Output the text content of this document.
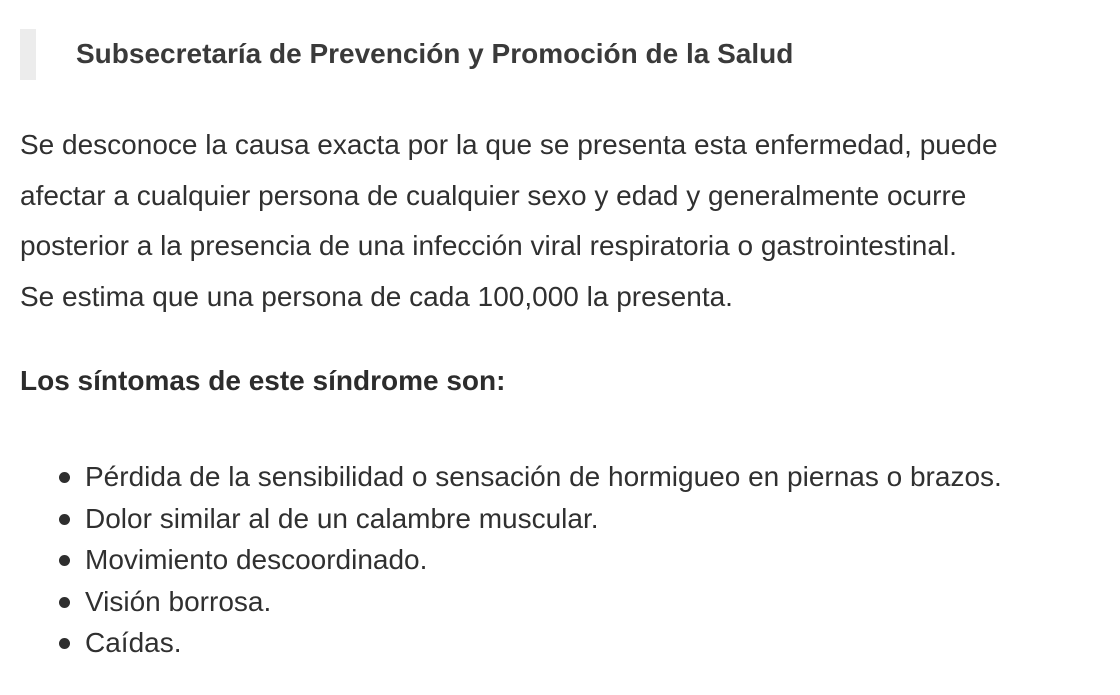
Subsecretaría de Prevención y Promoción de la Salud

Se desconoce la causa exacta por la que se presenta esta enfermedad, puede

afectar a cualquier persona de cualquier sexo y edad y generalmente ocurre

posterior a la presencia de una infección viral respiratoria o gastrointestinal.

Se estima que una persona de cada 100,000 la presenta.

Los síntomas de este síndrome son:
Pérdida de la sensibilidad o sensación de hormigueo en piernas o brazos.
Dolor similar al de un calambre muscular.
Movimiento descoordinado.
Visión borrosa.
Caídas.
